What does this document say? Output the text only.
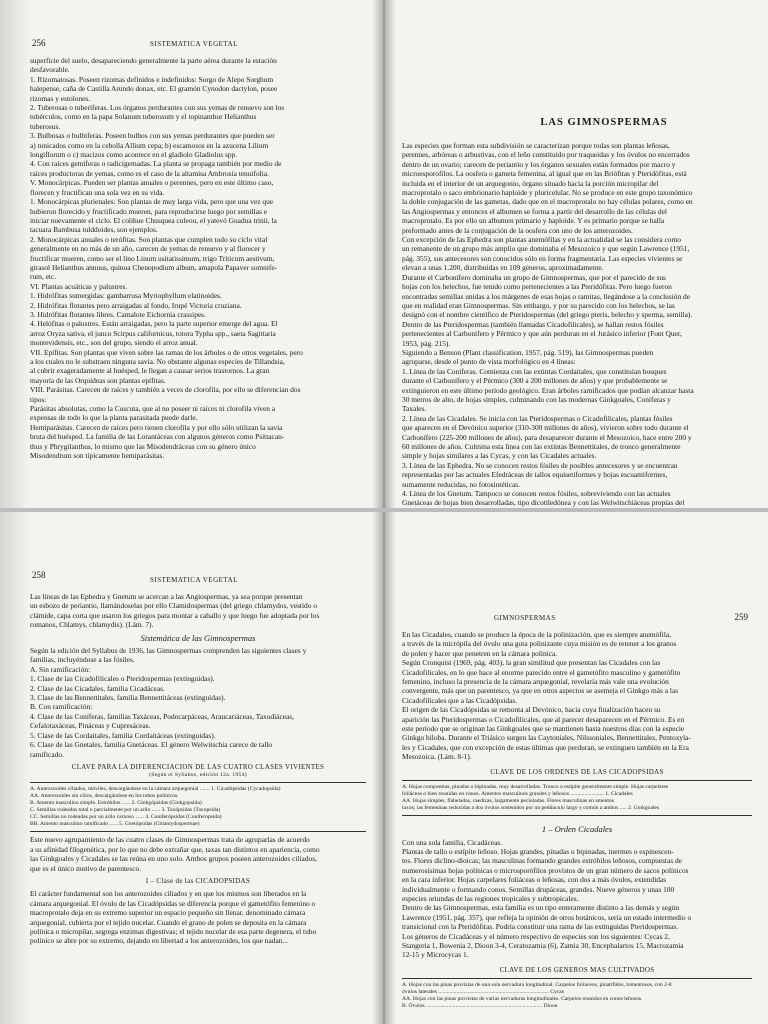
256	SISTEMATICA VEGETAL

superficie del suelo, desapareciendo generalmente la parte aérea durante la estación

desfavorable.

1. Rizomatosas. Poseen rizomas definidos e indefinidos: Sorgo de Alepo Sorghum

halepense, caña de Castilla Arundo donax, etc. El gramón Cynodon dactylon, posee

rizomas y estolones.

2. Tuberosas o tuberíferas. Los órganos perdurantes con sus yemas de renuevo son los

tubérculos, como en la papa Solanum tuberosum y el topinambur Helianthus

tuberosus.

3. Bulbosas o bulbíferas. Poseen bulbos con sus yemas perdurantes que pueden ser

a) tunicados como en la cebolla Allium cepa; b) escamosos en la azucena Lilium

longiflorum o c) macizos como acontece en el gladiolo Gladiolus spp.

4. Con raíces gemíferas o radicígemadas. La planta se propaga también por medio de

raíces productoras de yemas, como es el caso de la altamisa Ambrosia tenuifolia.

V. Monocárpicas. Pueden ser plantas anuales o perennes, pero en este último caso,

florecen y fructifican una sola vez en su vida.

1. Monocárpicas plurienales: Son plantas de muy larga vida, pero que una vez que

hubieron florecido y fructificado mueren, para reproducirse luego por semillas e

iniciar nuevamente el ciclo. El colihue Chusquea culeou, el yatevó Guadua trinii, la

tacuara Bambusa tulddoides, son ejemplos.

2. Monocárpicas anuales o terófitas. Son plantas que cumplen todo su ciclo vital

generalmente en no más de un año, carecen de yemas de renuevo y al florecer y

fructificar mueren, como ser el lino Linum usitatissimum, trigo Triticum aestivum,

girasol Helianthus annuus, quinoa Chenopodium album, amapola Papaver somnife-

rum, etc.

VI. Plantas acuáticas y palustres.

1. Hidrófitas sumergidas: gambarrusa Myriophyllum elatinoides.

2. Hidrófitas flotantes pero arraigadas al fondo, Irupé Victoria cruziana.

3. Hidrófitas flotantes libres. Camalote Eichornia crassipes.

4. Helófitas o palustres. Están arraigadas, pero la parte superior emerge del agua. El

arroz Oryza sativa, el junco Scirpus californicus, totora Typha spp., saeta Sagittaria

montevidensis, etc., son del grupo, siendo el arroz anual.

VII. Epífitas. Son plantas que viven sobre las ramas de los árboles o de otros vegetales, pero

a los cuales no le substraen ninguna savia. No obstante algunas especies de Tillandsia,

al cubrir exageradamente al huésped, le llegan a causar serios trastornos. La gran

mayoría de las Orquídeas son plantas epífitas.

VIII. Parásitas. Carecen de raíces y también a veces de clorofila, por ello se diferencian dos

tipos:

Parásitas absolutas, como la Cuscuta, que al no poseer ni raíces ni clorofila viven a

expensas de todo lo que la planta parasitada puede darle.

Hemiparásitas. Carecen de raíces pero tienen clorofila y por ello sólo utilizan la savia

bruta del huésped. La familia de las Lorantáceas con algunos géneros como Psittacan-

thus y Phrygilanthus, lo mismo que las Misodendráceas con su género único

Misodendrum son típicamente hemiparásitas.

LAS GIMNOSPERMAS

Las especies que forman esta subdivisión se caracterizan porque todas son plantas leñosas,

perennes, arbóreas o arbustivas, con el leño constituido por traqueidas y los óvulos no encerrados

dentro de un ovario; carecen de periantio y los órganos sexuales están formados por macro y

microesporofilos. La oosfera o gameta femenina, al igual que en las Briófitas y Pteridófitas, está

incluida en el interior de un arquegonio, órgano situado hacia la porción micropilar del

macroprotalo o saco embrionario haploide y pluricelular. No se produce en este grupo taxonómico

la doble conjugación de las gametas, dado que en el macroprotalo no hay células polares, como en

las Angiospermas y entonces el albumen se forma a partir del desarrollo de las células del

macroprotalo. Es por ello un albumen primario y haploide. Y es primario porque se halla

preformado antes de la conjugación de la oosfera con uno de los anterozoides.

Con excepción de las Ephedra son plantas anemófilas y en la actualidad se las considera como

un remanente de un grupo más amplio que dominaba el Mesozoico y que según Lawrence (1951,

pág. 355), sus antecesores son conocidos sólo en forma fragmentaria. Las especies vivientes se

elevan a unas 1.200, distribuidas en 109 géneros, aproximadamente.

Durante el Carbonífero dominaba un grupo de Gimnospermas, que por el parecido de sus

hojas con los helechos, fue tenido como pertenecientes a las Pteridófitas. Pero luego fueron

encontradas semillas unidas a los márgenes de esas hojas o ramitas, llegándose a la conclusión de

que en realidad eran Gimnospermas. Sin embargo, y por su parecido con los helechos, se las

designó con el nombre científico de Pteridospermas (del griego pteris, helecho y sperma, semilla).

Dentro de las Pteridospermas (también llamadas Cicadofilicales), se hallan restos fósiles

pertenecientes al Carbonífero y Pérmico y que aún perduran en el Jurásico inferior (Font Quer,

1953, pág. 215).

Siguiendo a Benson (Plant classification, 1957, pág. 519), las Gimnospermas pueden

agruparse, desde el punto de vista morfológico en 4 líneas:

1. Línea de las Coníferas. Comienza con las extintas Cordaitales, que constituían bosques

durante el Carbonífero y el Pérmico (300 a 200 millones de años) y que probablemente se

extinguieron en este último período geológico. Eran árboles ramificados que podían alcanzar hasta

30 metros de alto, de hojas simples, culminando con las modernas Ginkgoales, Coníferas y

Taxales.

2. Línea de las Cicadales. Se inicia con las Pteridospermas o Cicadofilicales, plantas fósiles

que aparecen en el Devónico superior (310-300 millones de años), vivieron sobre todo durante el

Carbonífero (225-200 millones de años), para desaparecer durante el Mesozoico, hace entre 200 y

60 millones de años. Culmina esta línea con las extintas Bennettitales, de tronco generalmente

simple y hojas similares a las Cycas, y con las Cicadales actuales.

3. Línea de las Ephedra. No se conocen restos fósiles de posibles antecesores y se encuentran

representadas por las actuales Efedráceas de tallos equisetiformes y hojas escuamiformes,

sumamente reducidas, no fotosintéticas.

4. Línea de los Gnetum. Tampoco se conocen restos fósiles, sobreviviendo con las actuales

Gnetáceas de hojas bien desarrolladas, tipo dicotiledónea y con las Welwitschiáceas propias del

258	SISTEMATICA VEGETAL

Las líneas de las Ephedra y Gnetum se acercan a las Angiospermas, ya sea porque presentan

un esbozo de periantio, llamándoselas por ello Clamidospermas (del griego chlamydos, vestido o

clámide, capa corta que usaron los griegos para montar a caballo y que luego fue adoptada por los

romanos, Chlamys, chlamydis). (Lám. 7).

Sistemática de las Gimnospermas

Según la edición del Syllabus de 1936, las Gimnospermas comprenden las siguientes clases y

familias, incluyéndose a las fósiles.

A. Sin ramificación:

1. Clase de las Cicadofilicales o Pteridospermas (extinguidas).

2. Clase de las Cicadales, familia Cicadáceas.

3. Clase de las Bennettitales, familia Bennettitáceas (extinguidas).

B. Con ramificación:

4. Clase de las Coníferas, familias Taxáceas, Podocarpáceas, Araucariáceas, Taxodiáceas,

Cefalotaxáceas, Pináceas y Cupresáceas.

5. Clase de las Cordaitales, familia Cordaitáceas (extinguidas).

6. Clase de las Gnetales, familia Gnetáceas. El género Welwitschia carece de tallo

ramificado.

CLAVE PARA LA DIFERENCIACION DE LAS CUATRO CLASES VIVIENTES
(Según el Syllabus, edición 12a. 1954)

A. Anterozoides ciliados, móviles, descargándose en la cámara arquegonial ....... 1. Cicadópsidas (Cycadopsida)

AA. Anterozoides sin cilios, descargándose en los tubos polínicos.

B. Amento masculino simple. Estróbilos ...... 2. Ginkgópsidas (Ginkgopsida)

C. Semillas rodeadas total o parcialmente por un arilo ...... 3. Taxópsidas (Taxopsida)

CC. Semillas no rodeadas por un arilo carnoso ...... 4. Coniferópsidas (Coniferopsida)

BB. Amento masculino ramificado ...... 5. Gnetópsidas (Chlamydospermae)

Este nuevo agrupamiento de las cuatro clases de Gimnospermas trata de agruparlas de acuerdo

a su afinidad filogenética, por lo que no debe extrañar que, taxas tan distintos en apariencia, como

las Ginkgoales y Cicadales se las reúna en uno solo. Ambos grupos poseen anterozoides ciliados,

que es el único motivo de parentesco.

I – Clase de las CICADOPSIDAS

El carácter fundamental son los anterozoides ciliados y en que los mismos son liberados en la

cámara arquegonial. El óvulo de las Cicadópsidas se diferencia porque el gametófito femenino o

macroprotalo deja en su extremo superior un espacio pequeño sin llenar, denominado cámara

arquegonial, cubierta por el tejido nucelar. Cuando el grano de polen se deposita en la cámara

polínica o micropilar, segrega enzimas digestivas; el tejido nucelar de esa parte degenera, el tubo

polínico se abre por su extremo, dejando en libertad a los anterozoides, los que nadan...

259
GIMNOSPERMAS

En las Cicadales, cuando se produce la época de la polinización, que es siempre anemófila,

a través de la micrópila del óvulo una gota polinizante cuya misión es de retener a los granos

de polen y hacer que penetren en la cámara polínica.

Según Cronquist (1969, pág. 403), la gran similitud que presentan las Cicadales con las

Cicadofilicales, en lo que hace al enorme parecido entre el gametófito masculino y gametófito

femenino, incluso la presencia de la cámara arquegonial, revelaría más vale una evolución

convergente, más que un parentesco, ya que en otros aspectos se asemeja el Ginkgo más a las

Cicadofilicales que a las Cicadópsidas.

El origen de las Cicadópsidas se remonta al Devónico, hacia cuya finalización hacen su

aparición las Pteridospermas o Cicadofilicales, que al parecer desaparecen en el Pérmico. Es en

este período que se originan las Ginkgoales que se mantienen hasta nuestros días con la especie

Ginkgo biloba. Durante el Triásico surgen las Caytoniales, Nilssoniales, Bennettitales, Pentoxyla-

les y Cicadales, que con excepción de estas últimas que perduran, se extinguen también en la Era

Mesozoica. (Lám. 8-1).

CLAVE DE LOS ORDENES DE LAS CICADOPSIDAS

A. Hojas compuestas, pinadas o bipinadas, muy desarrolladas. Tronco o estípite generalmente simple. Hojas carpelares

foliáceas o bien reunidas en conos. Amentos masculinos grandes y leñosos ........................ 1. Cicadales

AA. Hojas simples, flabeladas, caedizas, largamente pecioladas. Flores masculinas en amentos

laxos; las femeninas reducidas a dos óvulos sostenidos por un pedúnculo largo y común a ambos ..... 2. Ginkgoales

1 – Orden Cicadales

Con una sola familia, Cicadáceas.

Plantas de tallo o estípite leñoso. Hojas grandes, pinadas o bipinadas, inermes o espinescen-

tes. Flores diclino-dioicas; las masculinas formando grandes estróbilos leñosos, compuestas de

numerosísimas hojas polínicas o microsporófilos provistos de un gran número de sacos polínicos

en la cara inferior. Hojas carpelares foliáceas o leñosas, con dos a más óvulos, extendidas

individualmente o formando conos. Semillas drupáceas, grandes. Nueve géneros y unas 100

especies oriundas de las regiones tropicales y subtropicales.

Dentro de las Gimnospermas, esta familia es un tipo enteramente distinto a las demás y según

Lawrence (1951, pág. 357), que refleja la opinión de otros botánicos, sería un estado intermedio o

transicional con la Pteridófitas. Podría constituir una rama de las extinguidas Pteridospermas.

Los géneros de Cicadáceas y el número respectivo de especies son los siguientes: Cycas 2,

Stangeria 1, Bowenia 2, Dioon 3-4, Ceratozamia (6), Zamia 30, Encephalartos 15, Macrozamia

12-15 y Microcycas 1.

CLAVE DE LOS GENEROS MAS CULTIVADOS

A. Hojas con las pinas provistas de una sola nervadura longitudinal. Carpelos foliáceos, pinatífidos, tomentosos, con 2-8

óvulos laterales ............................................................................... Cycas

AA. Hojas con las pinas provistas de varias nervaduras longitudinales. Carpelos reunidos en conos leñosos.

B. Óvulos ................................................................................... Dioon
